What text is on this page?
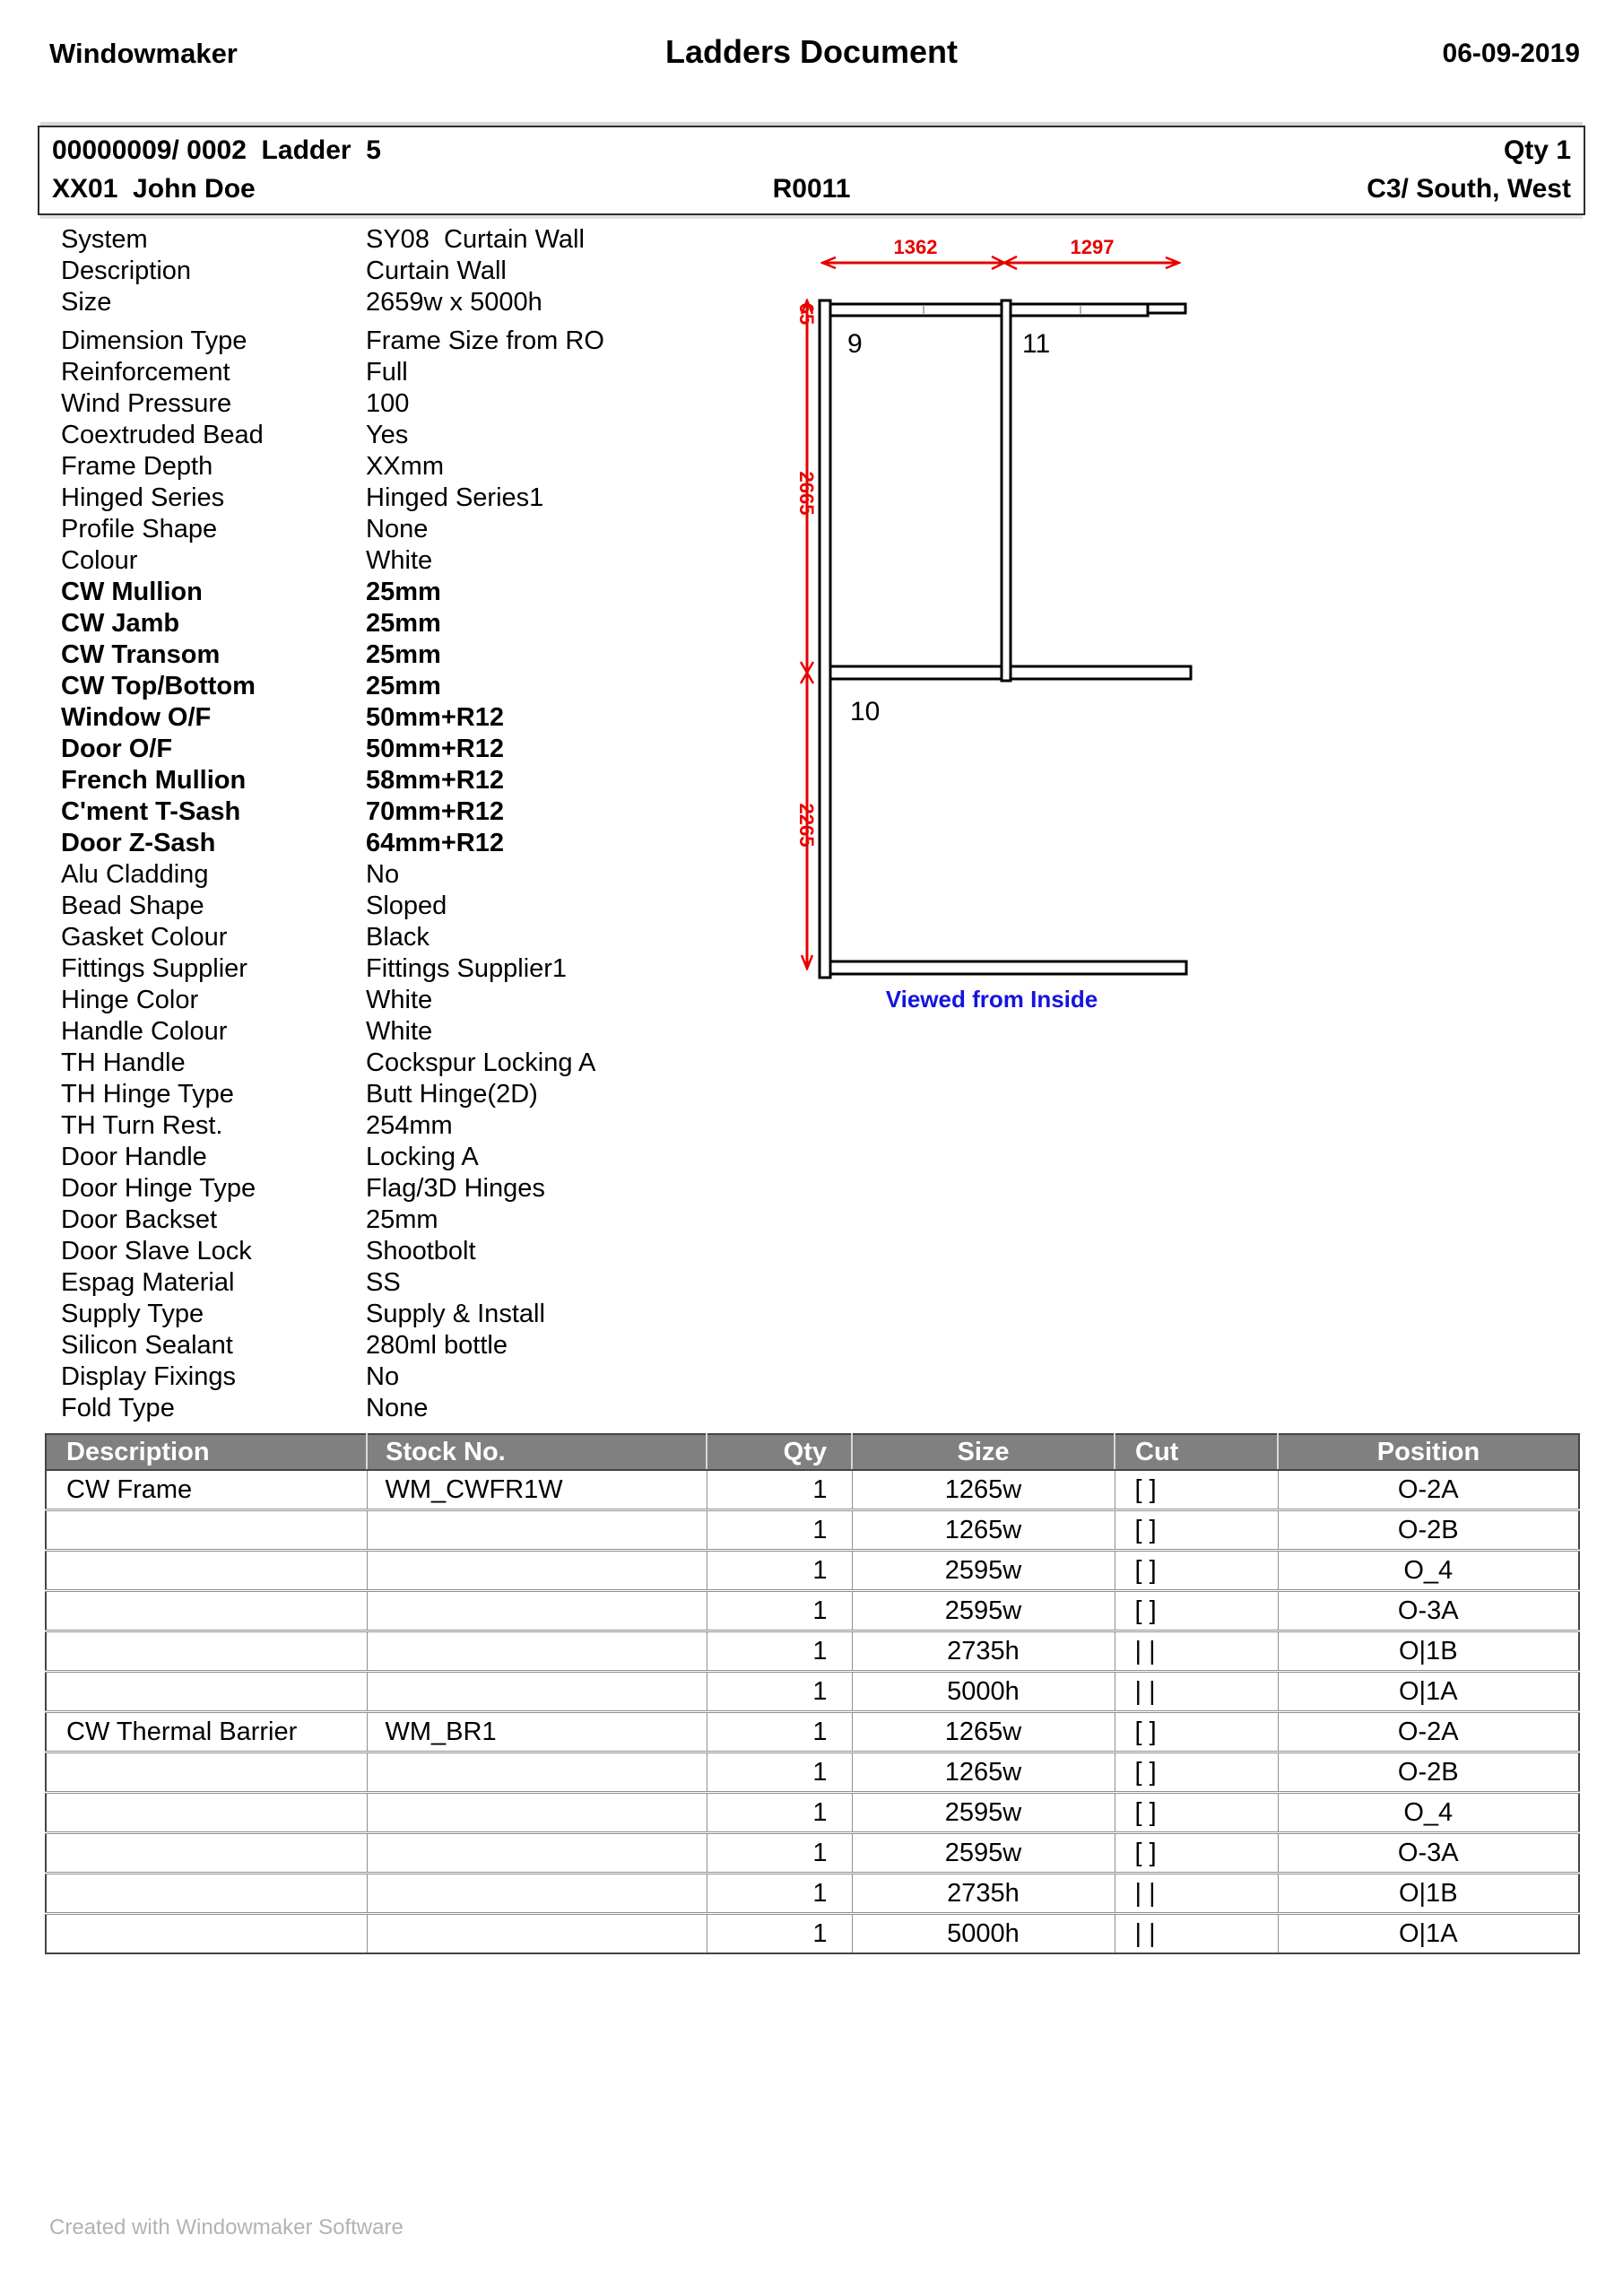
Windowmaker	Ladders Document	06-09-2019
00000009/ 0002  Ladder  5	Qty 1
XX01  John Doe	R0011	C3/ South, West
System	SY08  Curtain Wall
Description	Curtain Wall
Size	2659w x 5000h
Dimension Type	Frame Size from RO
Reinforcement	Full
Wind Pressure	100
Coextruded Bead	Yes
Frame Depth	XXmm
Hinged Series	Hinged Series1
Profile Shape	None
Colour	White
CW Mullion	25mm
CW Jamb	25mm
CW Transom	25mm
CW Top/Bottom	25mm
Window O/F	50mm+R12
Door O/F	50mm+R12
French Mullion	58mm+R12
C'ment T-Sash	70mm+R12
Door Z-Sash	64mm+R12
Alu Cladding	No
Bead Shape	Sloped
Gasket Colour	Black
Fittings Supplier	Fittings Supplier1
Hinge Color	White
Handle Colour	White
TH Handle	Cockspur Locking A
TH Hinge Type	Butt Hinge(2D)
TH Turn Rest.	254mm
Door Handle	Locking A
Door Hinge Type	Flag/3D Hinges
Door Backset	25mm
Door Slave Lock	Shootbolt
Espag Material	SS
Supply Type	Supply & Install
Silicon Sealant	280ml bottle
Display Fixings	No
Fold Type	None
1362	1297
65
2665
2265
9	11
10
Viewed from Inside
Description	Stock No.	Qty	Size	Cut	Position
CW Frame	WM_CWFR1W	1	1265w	[ ]	O-2A
		1	1265w	[ ]	O-2B
		1	2595w	[ ]	O_4
		1	2595w	[ ]	O-3A
		1	2735h	| |	O|1B
		1	5000h	| |	O|1A
CW Thermal Barrier	WM_BR1	1	1265w	[ ]	O-2A
		1	1265w	[ ]	O-2B
		1	2595w	[ ]	O_4
		1	2595w	[ ]	O-3A
		1	2735h	| |	O|1B
		1	5000h	| |	O|1A
Created with Windowmaker Software
